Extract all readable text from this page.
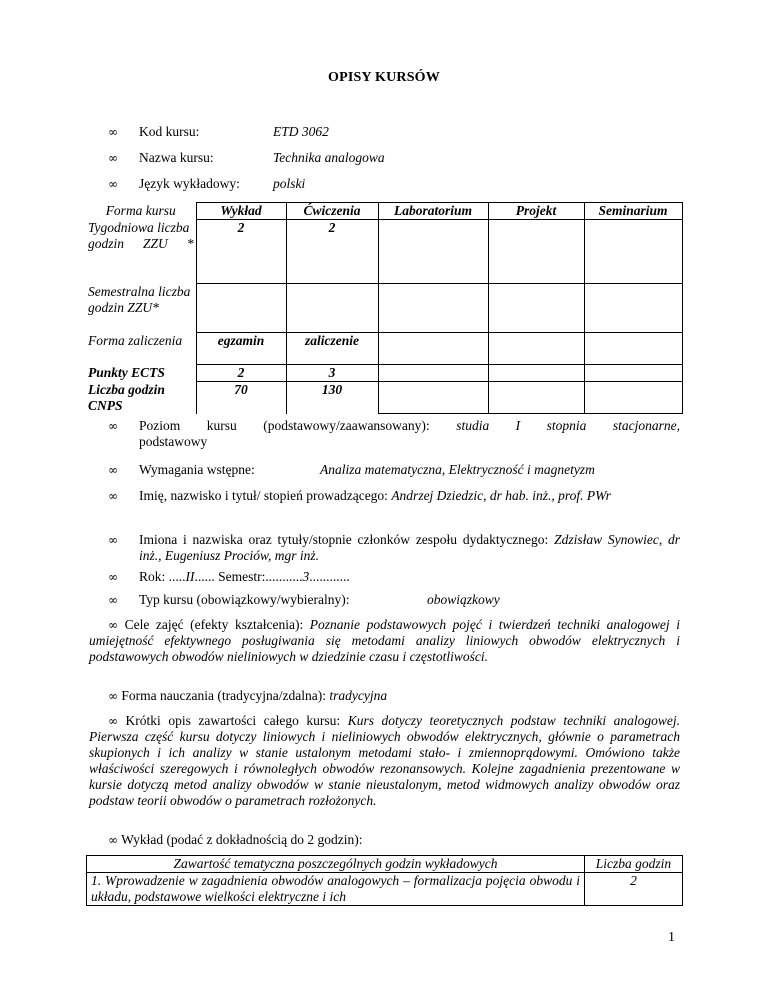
OPISY KURSÓW
∞ Kod kursu:	ETD 3062
∞ Nazwa kursu:	Technika analogowa
∞ Język wykładowy: polski
Forma kursu	Wykład	Ćwiczenia	Laboratorium	Projekt	Seminarium
Tygodniowa liczba godzin ZZU *	2	2			
Semestralna liczba godzin ZZU*					
Forma zaliczenia	egzamin	zaliczenie			
Punkty ECTS	2	3			
Liczba godzin CNPS	70	130			
∞ Poziom kursu (podstawowy/zaawansowany): studia I stopnia stacjonarne,
podstawowy
∞ Wymagania wstępne:	Analiza matematyczna, Elektryczność i magnetyzm
∞ Imię, nazwisko i tytuł/ stopień prowadzącego: Andrzej Dziedzic, dr hab. inż., prof. PWr
∞ Imiona i nazwiska oraz tytuły/stopnie członków zespołu dydaktycznego: Zdzisław Synowiec, dr inż., Eugeniusz Prociów, mgr inż.
∞ Rok: .....II...... Semestr:...........3............
∞ Typ kursu (obowiązkowy/wybieralny):	obowiązkowy
∞ Cele zajęć (efekty kształcenia): Poznanie podstawowych pojęć i twierdzeń techniki analogowej i umiejętność efektywnego posługiwania się metodami analizy liniowych obwodów elektrycznych i podstawowych obwodów nieliniowych w dziedzinie czasu i częstotliwości.
∞ Forma nauczania (tradycyjna/zdalna): tradycyjna
∞ Krótki opis zawartości całego kursu: Kurs dotyczy teoretycznych podstaw techniki analogowej. Pierwsza część kursu dotyczy liniowych i nieliniowych obwodów elektrycznych, głównie o parametrach skupionych i ich analizy w stanie ustalonym metodami stało- i zmiennoprądowymi. Omówiono także właściwości szeregowych i równoległych obwodów rezonansowych. Kolejne zagadnienia prezentowane w kursie dotyczą metod analizy obwodów w stanie nieustalonym, metod widmowych analizy obwodów oraz podstaw teorii obwodów o parametrach rozłożonych.
∞ Wykład (podać z dokładnością do 2 godzin):
Zawartość tematyczna poszczególnych godzin wykładowych	Liczba godzin
1. Wprowadzenie w zagadnienia obwodów analogowych – formalizacja pojęcia obwodu i układu, podstawowe wielkości elektryczne i ich	2
1
